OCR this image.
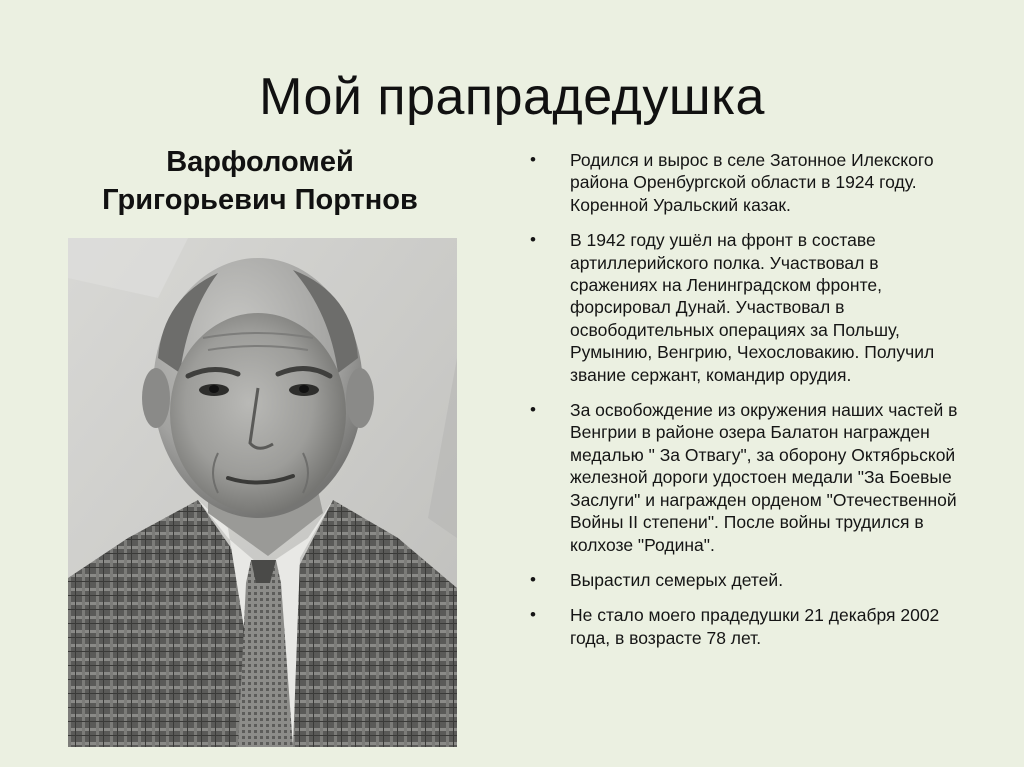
Мой прапрадедушка
Варфоломей
Григорьевич Портнов
• Родился и вырос в селе Затонное Илекского района Оренбургской области в 1924 году. Коренной Уральский казак.
• В 1942 году ушёл на фронт в составе артиллерийского полка. Участвовал в сражениях на Ленинградском фронте, форсировал Дунай. Участвовал в освободительных операциях за Польшу, Румынию, Венгрию, Чехословакию. Получил звание сержант, командир орудия.
• За освобождение из окружения наших частей в Венгрии в районе озера Балатон награжден медалью " За Отвагу", за оборону Октябрьской железной дороги удостоен медали "За Боевые Заслуги" и награжден орденом "Отечественной Войны II степени". После войны трудился в колхозе "Родина".
• Вырастил семерых детей.
• Не стало моего прадедушки 21 декабря 2002 года, в возрасте 78 лет.
